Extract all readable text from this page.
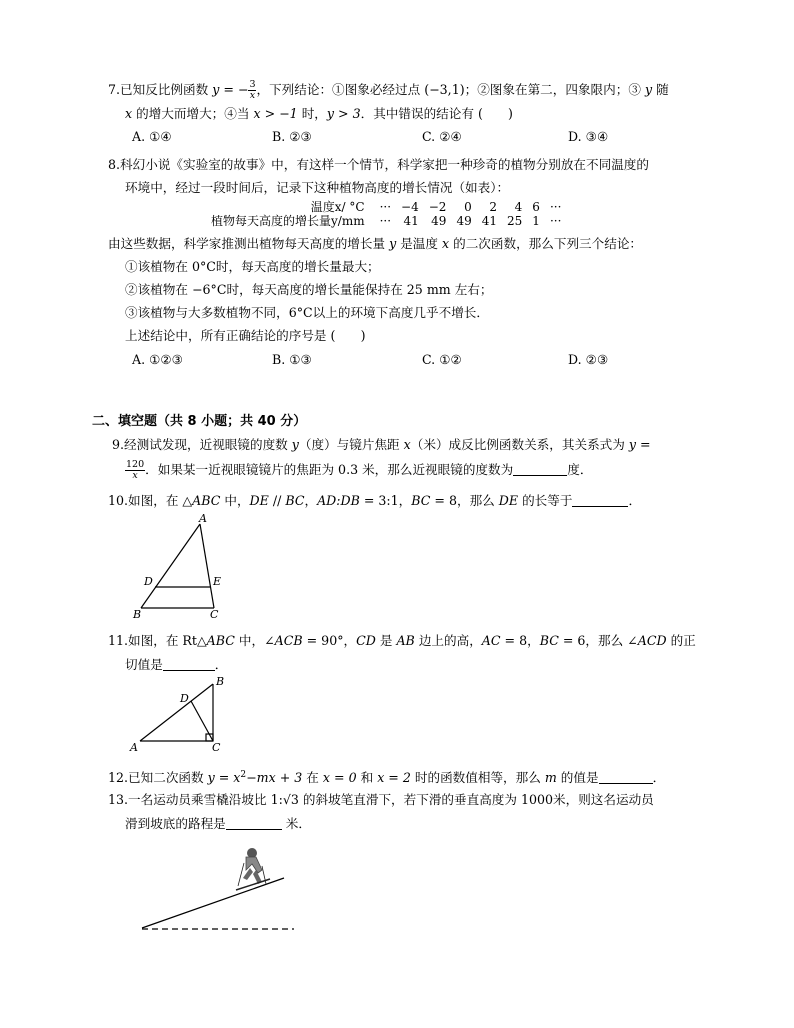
7.已知反比例函数 y = − $\frac{3}{x}$ ，下列结论：①图象必经过点 (−3,1)；②图象在第二，四象限内；③ y 随
x 的增大而增大；④当 x > −1 时，y > 3．其中错误的结论有 (　　)
A. ①④	B. ②③	C. ②④	D. ③④
8.科幻小说《实验室的故事》中，有这样一个情节，科学家把一种珍奇的植物分别放在不同温度的
环境中，经过一段时间后，记录下这种植物高度的增长情况（如表）：
温度x/ °C	···	−4	−2	0	2	4	6	···
植物每天高度的增长量y/mm	···	41	49	49	41	25	1	···
由这些数据，科学家推测出植物每天高度的增长量 y 是温度 x 的二次函数，那么下列三个结论：
①该植物在 0°C时，每天高度的增长量最大；
②该植物在 −6°C时，每天高度的增长量能保持在 25 mm 左右；
③该植物与大多数植物不同，6°C以上的环境下高度几乎不增长．
上述结论中，所有正确结论的序号是 (　　)
A. ①②③	B. ①③	C. ①②	D. ②③
二、填空题（共 8 小题；共 40 分）
9.经测试发现，近视眼镜的度数 y（度）与镜片焦距 x（米）成反比例函数关系，其关系式为 y =
$\frac{120}{x}$ ．如果某一近视眼镜镜片的焦距为 0.3 米，那么近视眼镜的度数为	度．
10.如图，在 △ABC 中，DE // BC，AD:DB = 3:1，BC = 8，那么 DE 的长等于	．
A
D	E
B	C
B
D
A	C
11.如图，在 Rt△ABC 中，∠ACB = 90°，CD 是 AB 边上的高，AC = 8，BC = 6，那么 ∠ACD 的正
切值是	．
12.已知二次函数 $y = x^2-mx + 3$ 在 x = 0 和 x = 2 时的函数值相等，那么 m 的值是	．
13.一名运动员乘雪橇沿坡比 1:√3 的斜坡笔直滑下，若下滑的垂直高度为 1000米，则这名运动员
滑到坡底的路程是	米．
